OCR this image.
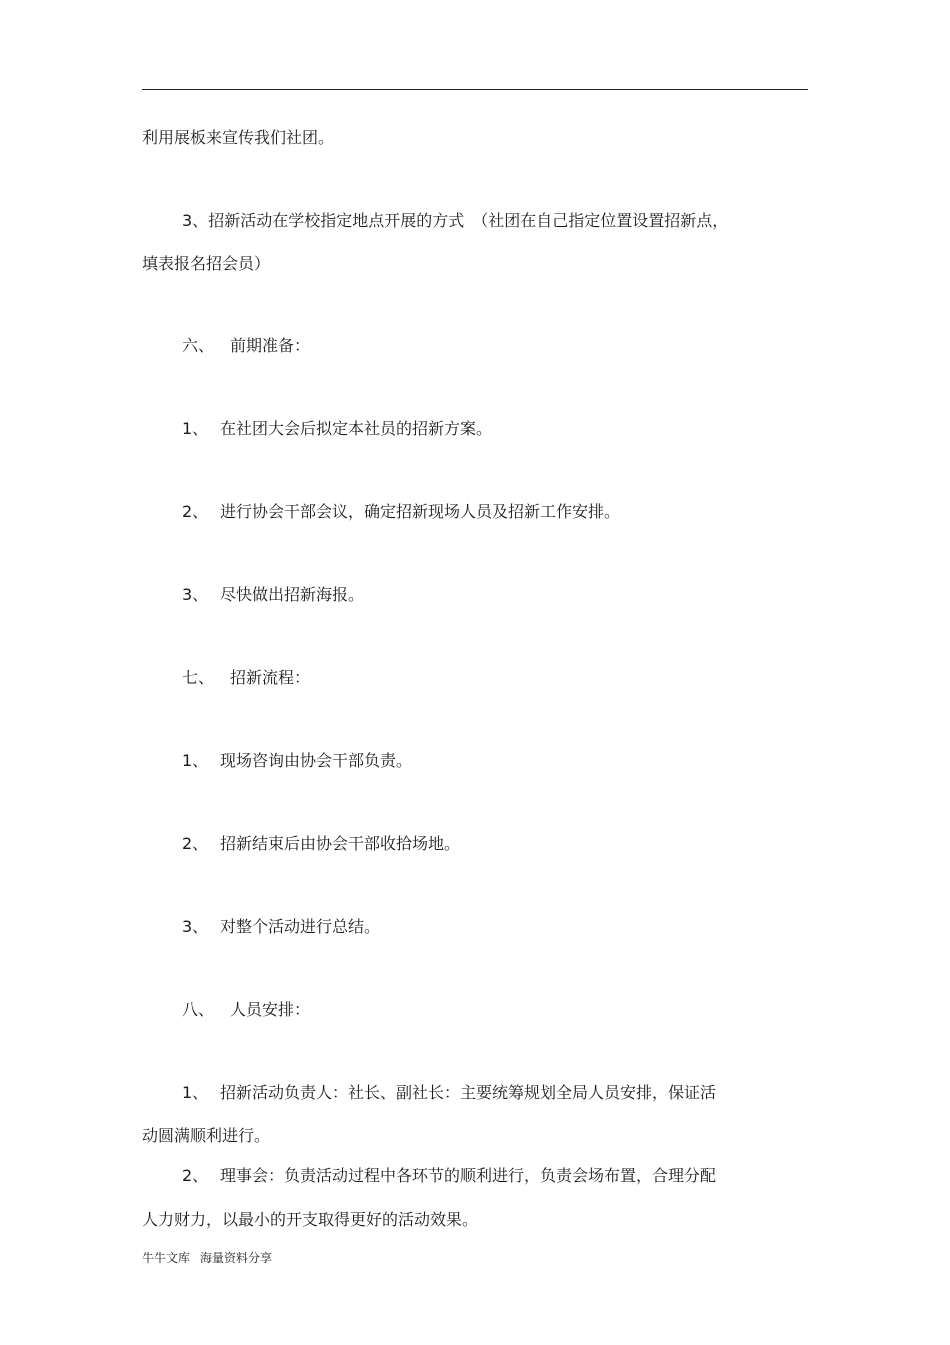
利用展板来宣传我们社团。
3、招新活动在学校指定地点开展的方式　（社团在自己指定位置设置招新点，
填表报名招会员）
六、 前期准备：
1、 在社团大会后拟定本社员的招新方案。
2、 进行协会干部会议，确定招新现场人员及招新工作安排。
3、 尽快做出招新海报。
七、 招新流程：
1、 现场咨询由协会干部负责。
2、 招新结束后由协会干部收拾场地。
3、 对整个活动进行总结。
八、 人员安排：
1、 招新活动负责人：社长、副社长：主要统筹规划全局人员安排，保证活
动圆满顺利进行。
2、 理事会：负责活动过程中各环节的顺利进行，负责会场布置，合理分配
人力财力，以最小的开支取得更好的活动效果。
牛牛文库 海量资料分享
